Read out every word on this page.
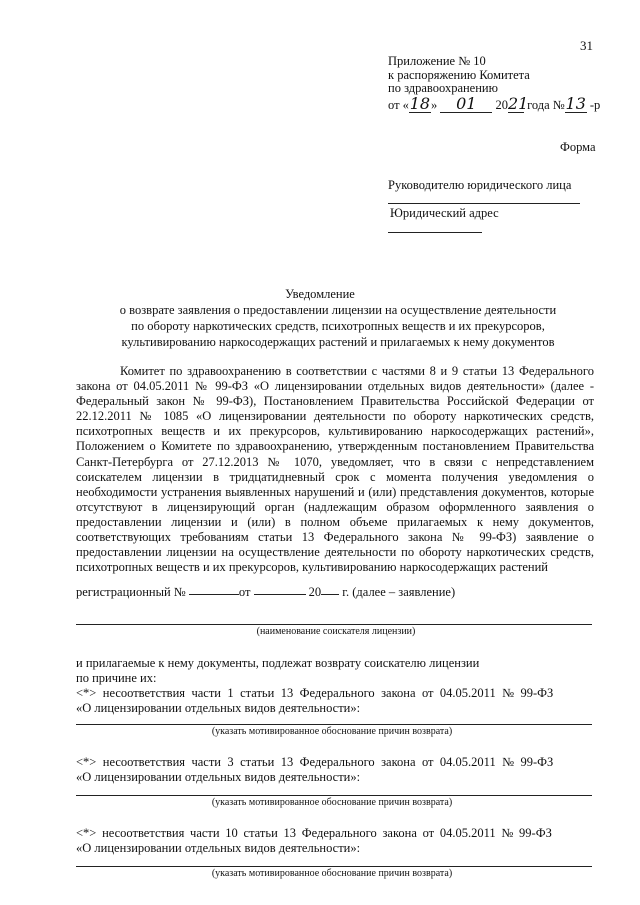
31
Приложение № 10
к распоряжению Комитета
по здравоохранению
от «18» 01 2021 года №13 -р
Форма
Руководителю юридического лица
Юридический адрес
Уведомление
о возврате заявления о предоставлении лицензии на осуществление деятельности
по обороту наркотических средств, психотропных веществ и их прекурсоров,
культивированию наркосодержащих растений и прилагаемых к нему документов
Комитет по здравоохранению в соответствии с частями 8 и 9 статьи 13 Федерального закона от 04.05.2011 № 99-ФЗ «О лицензировании отдельных видов деятельности» (далее - Федеральный закон № 99-ФЗ), Постановлением Правительства Российской Федерации от 22.12.2011 № 1085 «О лицензировании деятельности по обороту наркотических средств, психотропных веществ и их прекурсоров, культивированию наркосодержащих растений», Положением о Комитете по здравоохранению, утвержденным постановлением Правительства Санкт-Петербурга от 27.12.2013 № 1070, уведомляет, что в связи с непредставлением соискателем лицензии в тридцатидневный срок с момента получения уведомления о необходимости устранения выявленных нарушений и (или) представления документов, которые отсутствуют в лицензирующий орган (надлежащим образом оформленного заявления о предоставлении лицензии и (или) в полном объеме прилагаемых к нему документов, соответствующих требованиям статьи 13 Федерального закона № 99-ФЗ) заявление о предоставлении лицензии на осуществление деятельности по обороту наркотических средств, психотропных веществ и их прекурсоров, культивированию наркосодержащих растений
регистрационный №	от	20 г. (далее – заявление)
(наименование соискателя лицензии)
и прилагаемые к нему документы, подлежат возврату соискателю лицензии
по причине их:
<*> несоответствия части 1 статьи 13 Федерального закона от 04.05.2011 № 99-ФЗ
«О лицензировании отдельных видов деятельности»:
(указать мотивированное обоснование причин возврата)
<*> несоответствия части 3 статьи 13 Федерального закона от 04.05.2011 № 99-ФЗ
«О лицензировании отдельных видов деятельности»:
(указать мотивированное обоснование причин возврата)
<*> несоответствия части 10 статьи 13 Федерального закона от 04.05.2011 № 99-ФЗ
«О лицензировании отдельных видов деятельности»:
(указать мотивированное обоснование причин возврата)
